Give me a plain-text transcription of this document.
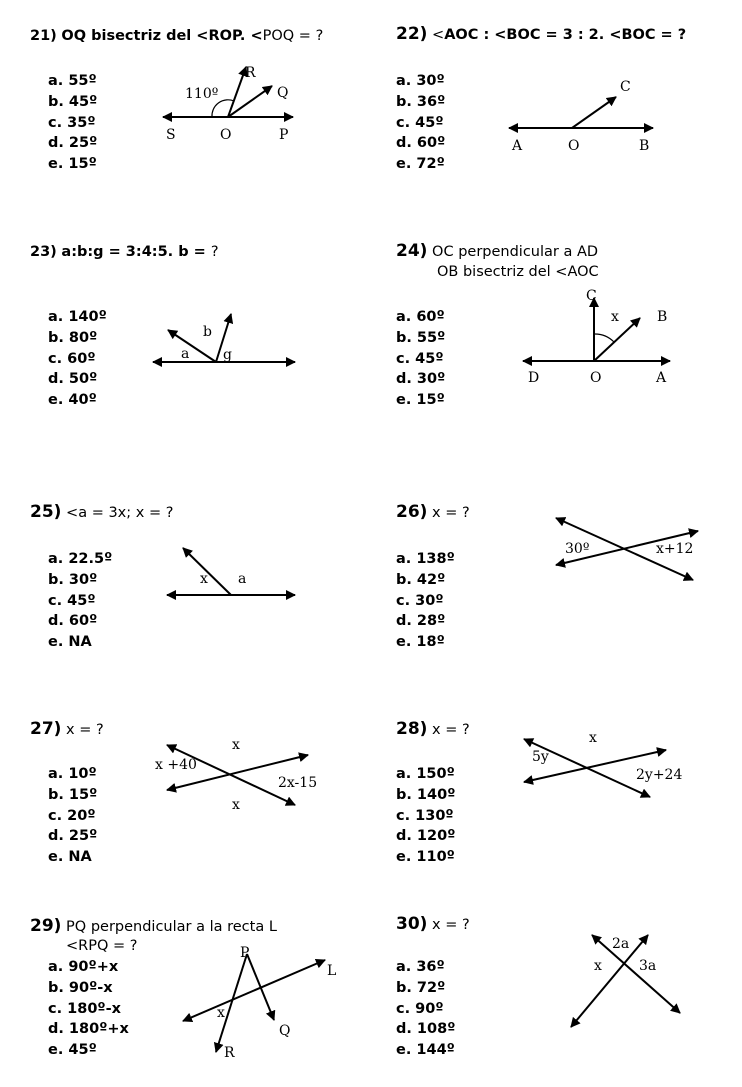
21) OQ bisectriz del <ROP. <POQ = ?	22) <AOC : <BOC = 3 : 2. <BOC = ?
23) a:b:g = 3:4:5. b = ?	24) OC perpendicular a AD
OB bisectriz del <AOC
25) <a = 3x; x = ?	26) x = ?
27) x = ?	28) x = ?
29) PQ perpendicular a la recta L
<RPQ = ?
30) x = ?
a. 55º
b. 45º
c. 35º
d. 25º
e. 15º
a. 30º
b. 36º
c. 45º
d. 60º
e. 72º
a. 140º
b. 80º
c. 60º
d. 50º
e. 40º
a. 60º
b. 55º
c. 45º
d. 30º
e. 15º
a. 22.5º
b. 30º
c. 45º
d. 60º
e. NA
a. 138º
b. 42º
c. 30º
d. 28º
e. 18º
a. 10º
b. 15º
c. 20º
d. 25º
e. NA
a. 150º
b. 140º
c. 130º
d. 120º
e. 110º
a. 90º+x
b. 90º-x
c. 180º-x
d. 180º+x
e. 45º
a. 36º
b. 72º
c. 90º
d. 108º
e. 144º
110º
R
Q
S	O	P
C
A	O	B
a
b
g
C
x	B
D	O	A
x a
30º	x+12
x
x +40
2x-15
x
x
5y
2y+24
P
L
x
Q
R
2a
x	3a
